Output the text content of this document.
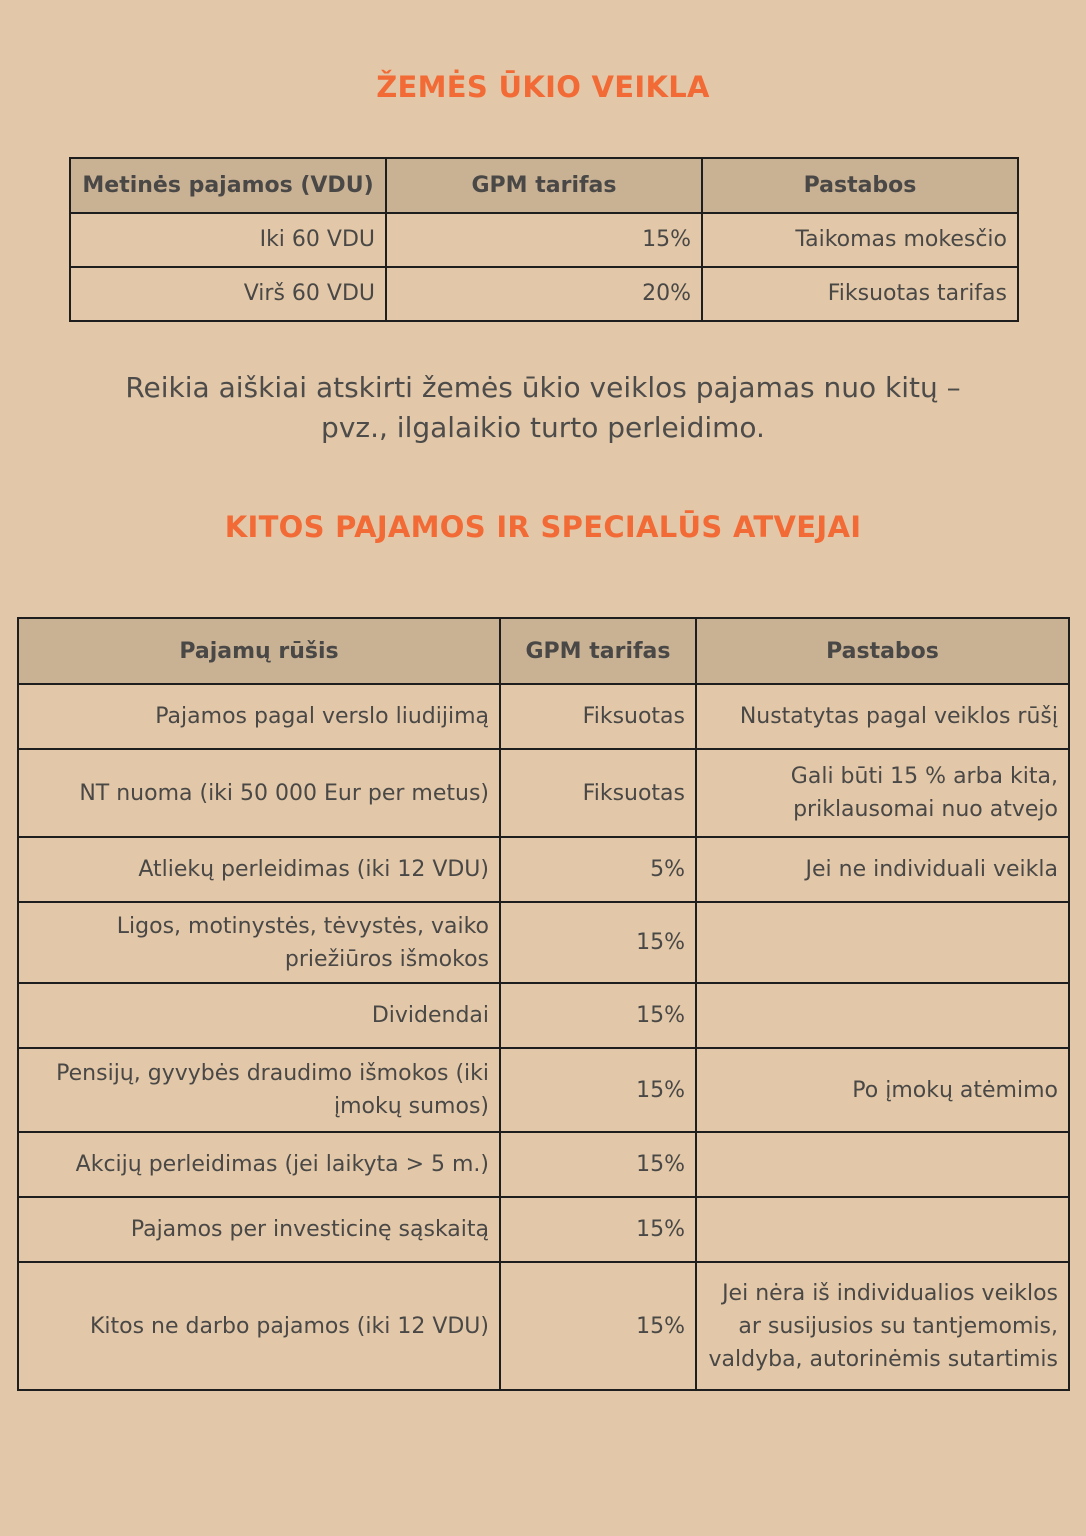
ŽEMĖS ŪKIO VEIKLA
Metinės pajamos (VDU)	GPM tarifas	Pastabos

Iki 60 VDU	15%	Taikomas mokesčio

Virš 60 VDU	20%	Fiksuotas tarifas
Reikia aiškiai atskirti žemės ūkio veiklos pajamas nuo kitų –
pvz., ilgalaikio turto perleidimo.
KITOS PAJAMOS IR SPECIALŪS ATVEJAI
Pajamų rūšis	GPM tarifas	Pastabos
Pajamos pagal verslo liudijimą	Fiksuotas	Nustatytas pagal veiklos rūšį
NT nuoma (iki 50 000 Eur per metus)	Fiksuotas	Gali būti 15 % arba kita, priklausomai nuo atvejo
Atliekų perleidimas (iki 12 VDU)	5%	Jei ne individuali veikla
Ligos, motinystės, tėvystės, vaiko priežiūros išmokos	15%	
Dividendai	15%	
Pensijų, gyvybės draudimo išmokos (iki įmokų sumos)	15%	Po įmokų atėmimo
Akcijų perleidimas (jei laikyta > 5 m.)	15%	
Pajamos per investicinę sąskaitą	15%	
Kitos ne darbo pajamos (iki 12 VDU)	15%	Jei nėra iš individualios veiklos ar susijusios su tantjemomis, valdyba, autorinėmis sutartimis
